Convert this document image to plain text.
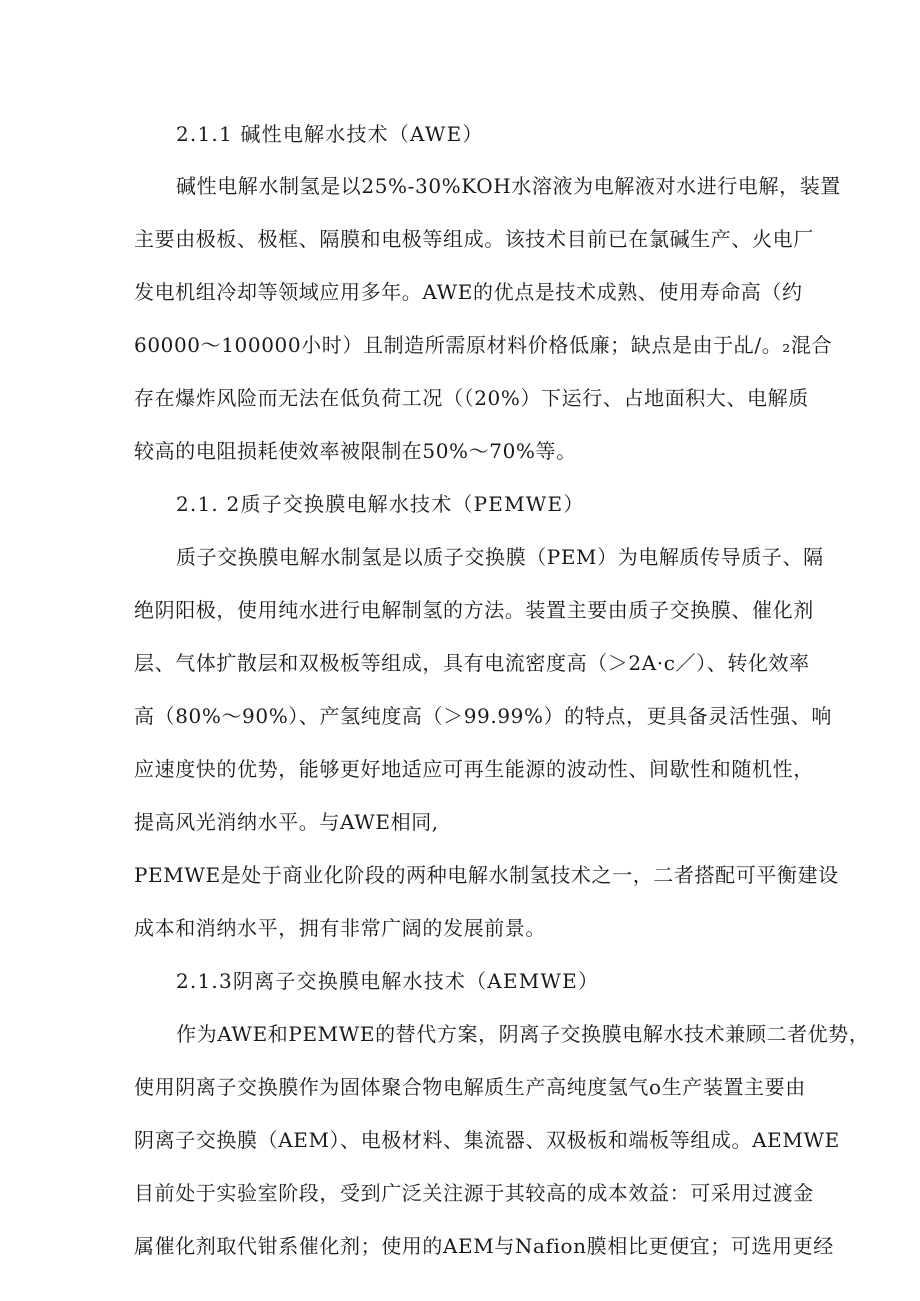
2.1.1 碱性电解水技术（AWE）
碱性电解水制氢是以25%-30%KOH水溶液为电解液对水进行电解，装置
主要由极板、极框、隔膜和电极等组成。该技术目前已在氯碱生产、火电厂
发电机组冷却等领域应用多年。AWE的优点是技术成熟、使用寿命高（约
60000～100000小时）且制造所需原材料价格低廉；缺点是由于乩/。₂混合
存在爆炸风险而无法在低负荷工况（（20%）下运行、占地面积大、电解质
较高的电阻损耗使效率被限制在50%～70%等。
2.1. 2质子交换膜电解水技术（PEMWE）
质子交换膜电解水制氢是以质子交换膜（PEM）为电解质传导质子、隔
绝阴阳极，使用纯水进行电解制氢的方法。装置主要由质子交换膜、催化剂
层、气体扩散层和双极板等组成，具有电流密度高（＞2A·c／）、转化效率
高（80%～90%）、产氢纯度高（＞99.99%）的特点，更具备灵活性强、响
应速度快的优势，能够更好地适应可再生能源的波动性、间歇性和随机性，
提高风光消纳水平。与AWE相同,
PEMWE是处于商业化阶段的两种电解水制氢技术之一，二者搭配可平衡建设
成本和消纳水平，拥有非常广阔的发展前景。
2.1.3阴离子交换膜电解水技术（AEMWE）
作为AWE和PEMWE的替代方案，阴离子交换膜电解水技术兼顾二者优势，
使用阴离子交换膜作为固体聚合物电解质生产高纯度氢气o生产装置主要由
阴离子交换膜（AEM）、电极材料、集流器、双极板和端板等组成。AEMWE
目前处于实验室阶段，受到广泛关注源于其较高的成本效益：可采用过渡金
属催化剂取代钳系催化剂；使用的AEM与Nafion膜相比更便宜；可选用更经
